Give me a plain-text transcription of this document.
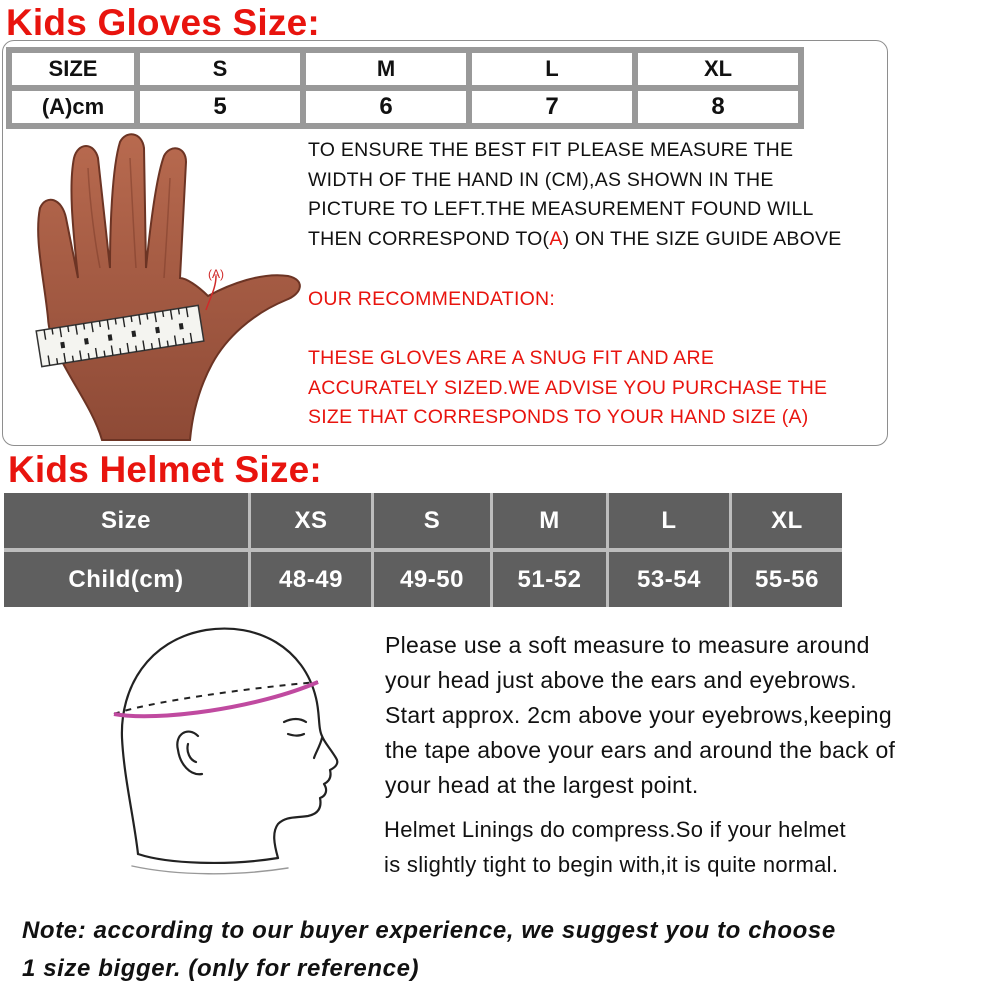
Kids Gloves Size:
SIZE	S	M	L	XL
(A)cm	5	6	7	8
(A)

TO ENSURE THE BEST FIT PLEASE MEASURE THE

WIDTH OF THE HAND IN (CM),AS SHOWN IN THE

PICTURE TO LEFT.THE MEASUREMENT FOUND WILL

THEN CORRESPOND TO(A) ON THE SIZE GUIDE ABOVE

OUR RECOMMENDATION:

THESE GLOVES ARE A SNUG FIT AND ARE

ACCURATELY SIZED.WE ADVISE YOU PURCHASE THE

SIZE THAT CORRESPONDS TO YOUR HAND SIZE (A)

Kids Helmet Size:
Size	XS	S	M	L	XL
Child(cm)	48-49	49-50	51-52	53-54	55-56

Please use a soft measure to measure around

your head just above the ears and eyebrows.

Start approx. 2cm above your eyebrows,keeping

the tape above your ears and around the back of

your head at the largest point.

Helmet Linings do compress.So if your helmet

is slightly tight to begin with,it is quite normal.

Note: according to our buyer experience, we suggest you to choose

1 size bigger. (only for reference)
